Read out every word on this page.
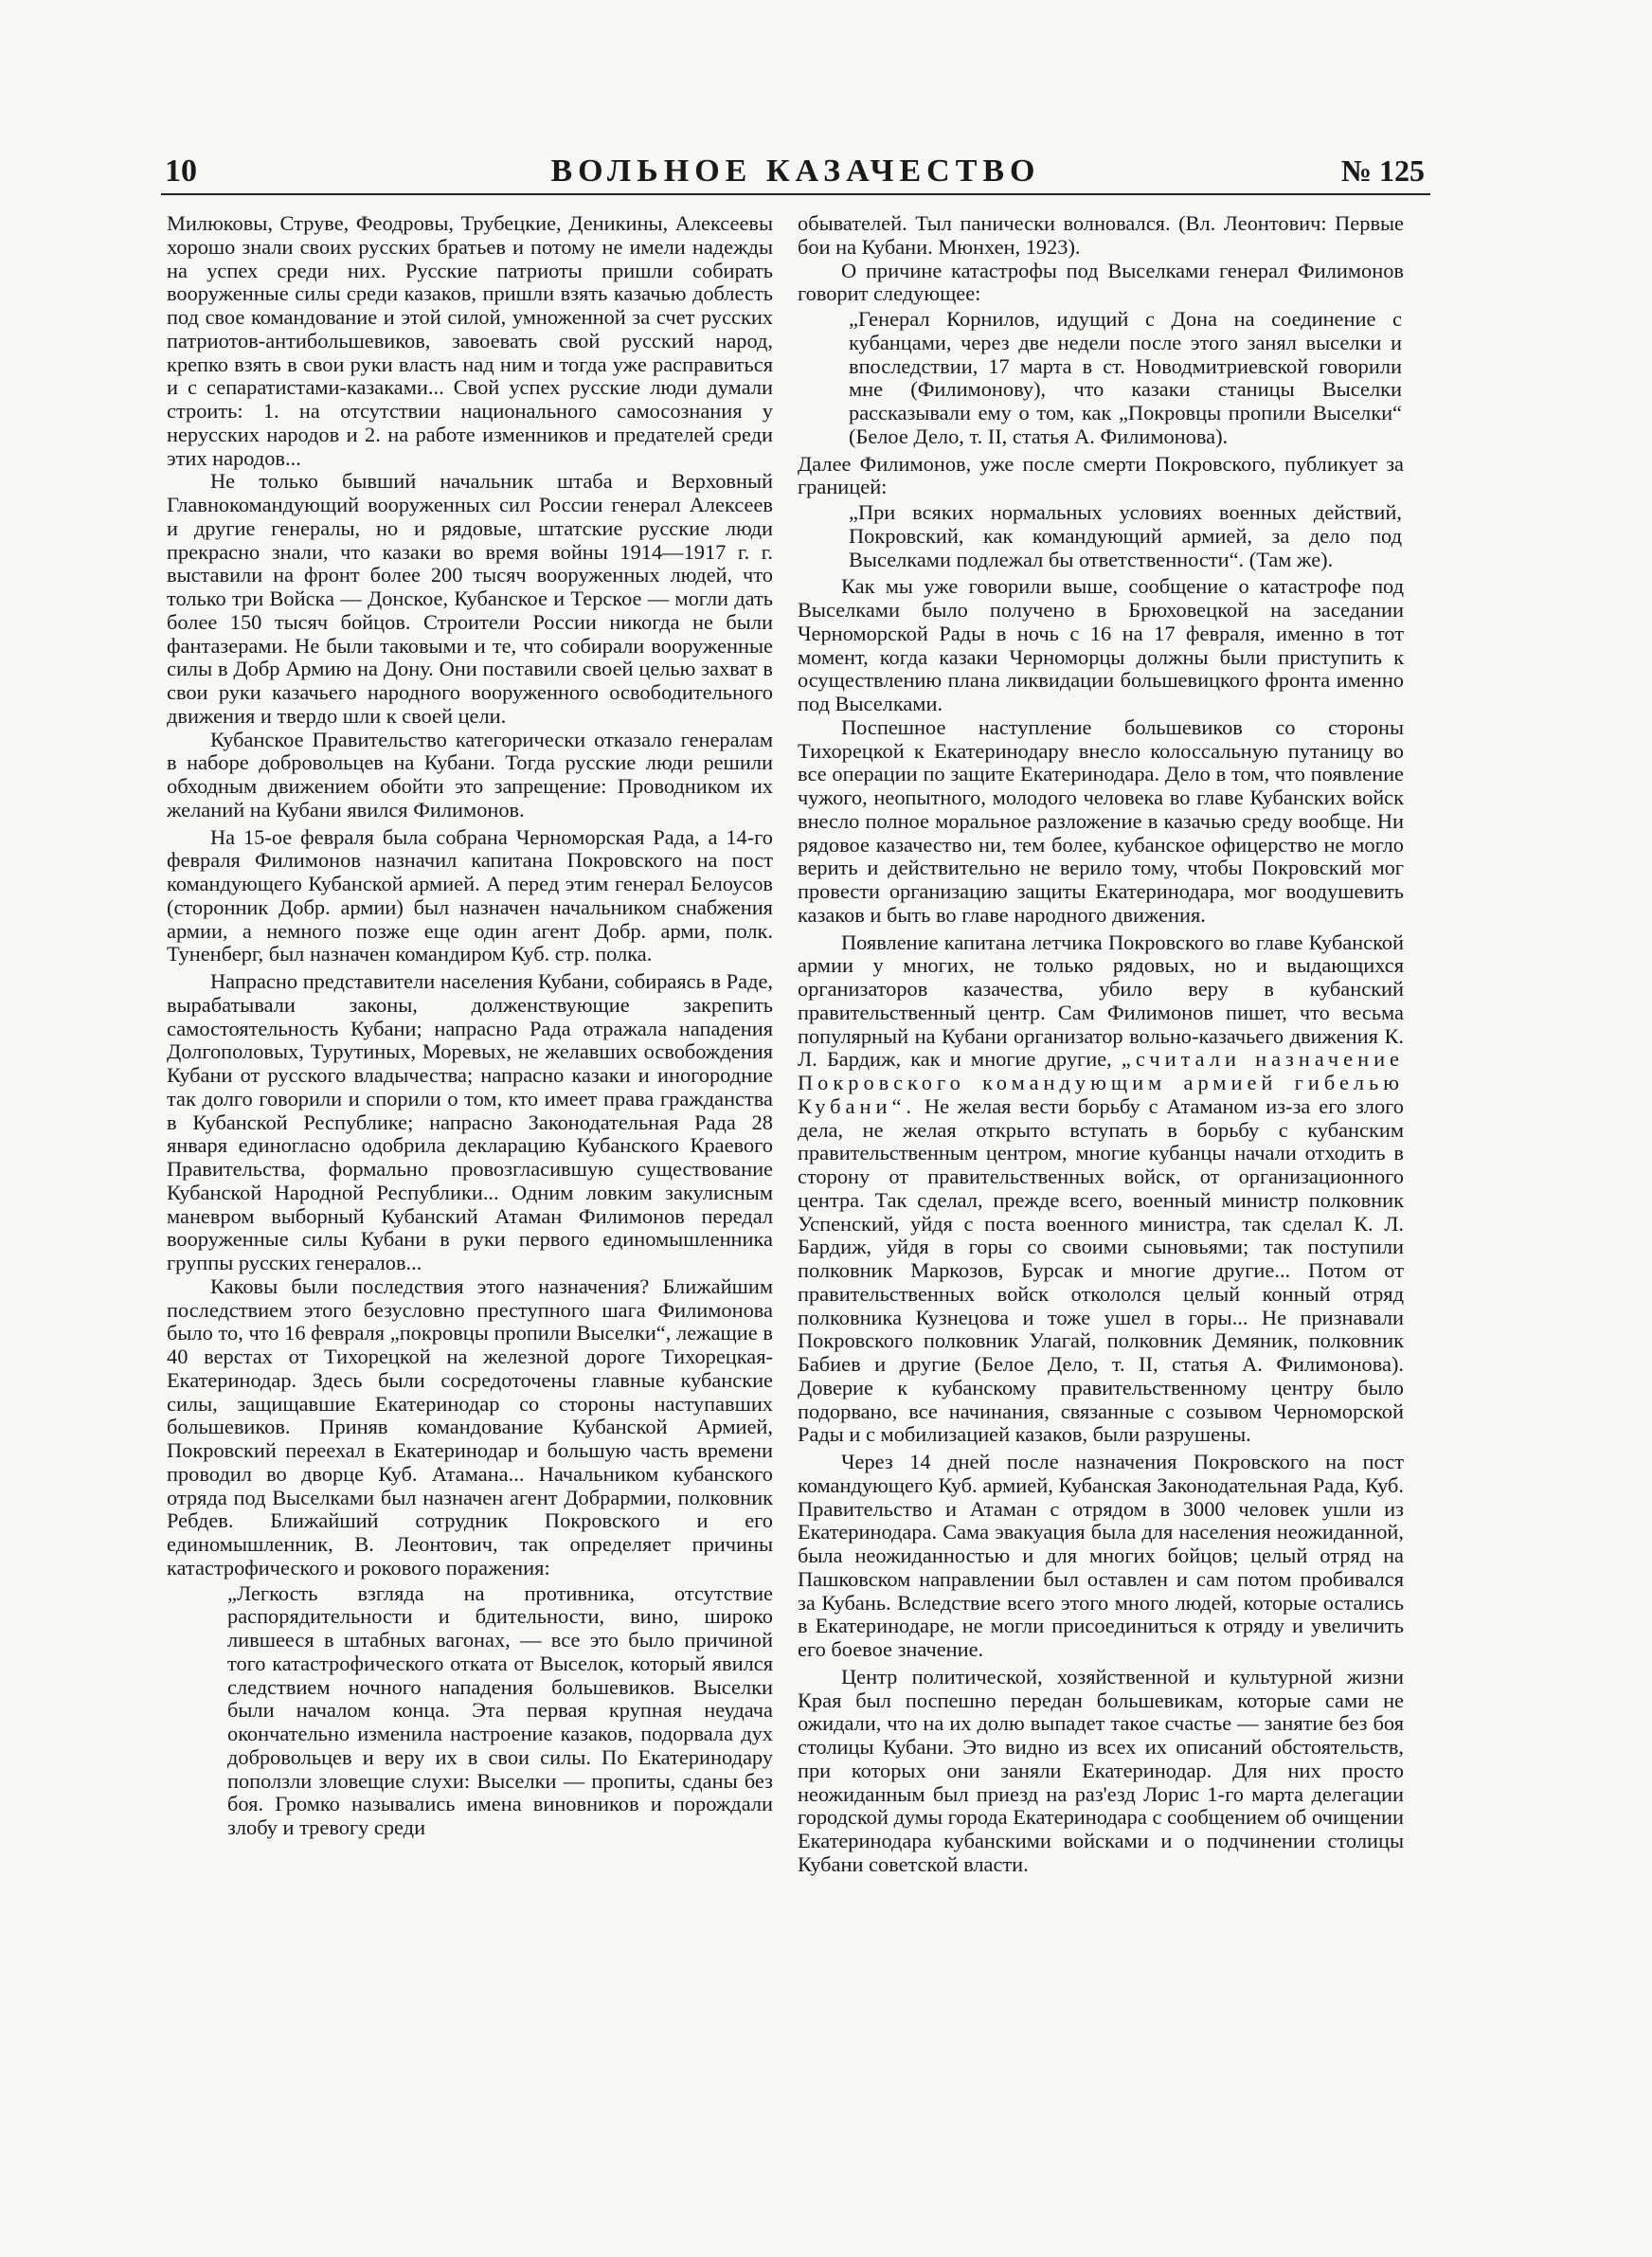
10	ВОЛЬНОЕ КАЗАЧЕСТВО	№ 125

Милюковы, Струве, Феодровы, Трубецкие, Деникины, Алексеевы хорошо знали своих русских братьев и потому не имели надежды на успех среди них. Русские патриоты пришли собирать вооруженные силы среди казаков, пришли взять казачью доблесть под свое командование и этой силой, умноженной за счет русских патриотов-антибольшевиков, завоевать свой русский народ, крепко взять в свои руки власть над ним и тогда уже расправиться и с сепаратистами-казаками... Свой успех русские люди думали строить: 1. на отсутствии национального самосознания у нерусских народов и 2. на работе изменников и предателей среди этих народов...

Не только бывший начальник штаба и Верховный Главнокомандующий вооруженных сил России генерал Алексеев и другие генералы, но и рядовые, штатские русские люди прекрасно знали, что казаки во время войны 1914—1917 г. г. выставили на фронт более 200 тысяч вооруженных людей, что только три Войска — Донское, Кубанское и Терское — могли дать более 150 тысяч бойцов. Строители России никогда не были фантазерами. Не были таковыми и те, что собирали вооруженные силы в Добр Армию на Дону. Они поставили своей целью захват в свои руки казачьего народного вооруженного освободительного движения и твердо шли к своей цели.

Кубанское Правительство категорически отказало генералам в наборе добровольцев на Кубани. Тогда русские люди решили обходным движением обойти это запрещение: Проводником их желаний на Кубани явился Филимонов.

На 15-ое февраля была собрана Черноморская Рада, а 14-го февраля Филимонов назначил капитана Покровского на пост командующего Кубанской армией. А перед этим генерал Белоусов (сторонник Добр. армии) был назначен начальником снабжения армии, а немного позже еще один агент Добр. арми, полк. Туненберг, был назначен командиром Куб. стр. полка.

Напрасно представители населения Кубани, собираясь в Раде, вырабатывали законы, долженствующие закрепить самостоятельность Кубани; напрасно Рада отражала нападения Долгополовых, Турутиных, Моревых, не желавших освобождения Кубани от русского владычества; напрасно казаки и иногородние так долго говорили и спорили о том, кто имеет права гражданства в Кубанской Республике; напрасно Законодательная Рада 28 января единогласно одобрила декларацию Кубанского Краевого Правительства, формально провозгласившую существование Кубанской Народной Республики... Одним ловким закулисным маневром выборный Кубанский Атаман Филимонов передал вооруженные силы Кубани в руки первого единомышленника группы русских генералов...

Каковы были последствия этого назначения? Ближайшим последствием этого безусловно преступного шага Филимонова было то, что 16 февраля „покровцы пропили Выселки“, лежащие в 40 верстах от Тихорецкой на железной дороге Тихорецкая-Екатеринодар. Здесь были сосредоточены главные кубанские силы, защищавшие Екатеринодар со стороны наступавших большевиков. Приняв командование Кубанской Армией, Покровский переехал в Екатеринодар и большую часть времени проводил во дворце Куб. Атамана... Начальником кубанского отряда под Выселками был назначен агент Добрармии, полковник Ребдев. Ближайший сотрудник Покровского и его единомышленник, В. Леонтович, так определяет причины катастрофического и рокового поражения:

„Легкость взгляда на противника, отсутствие распорядительности и бдительности, вино, широко лившееся в штабных вагонах, — все это было причиной того катастрофического отката от Выселок, который явился следствием ночного нападения большевиков. Выселки были началом конца. Эта первая крупная неудача окончательно изменила настроение казаков, подорвала дух добровольцев и веру их в свои силы. По Екатеринодару поползли зловещие слухи: Выселки — пропиты, сданы без боя. Громко назывались имена виновников и порождали злобу и тревогу среди

обывателей. Тыл панически волновался. (Вл. Леонтович: Первые бои на Кубани. Мюнхен, 1923).

О причине катастрофы под Выселками генерал Филимонов говорит следующее:

„Генерал Корнилов, идущий с Дона на соединение с кубанцами, через две недели после этого занял выселки и впоследствии, 17 марта в ст. Новодмитриевской говорили мне (Филимонову), что казаки станицы Выселки рассказывали ему о том, как „Покровцы пропили Выселки“ (Белое Дело, т. II, статья А. Филимонова).

Далее Филимонов, уже после смерти Покровского, публикует за границей:

„При всяких нормальных условиях военных действий, Покровский, как командующий армией, за дело под Выселками подлежал бы ответственности“. (Там же).

Как мы уже говорили выше, сообщение о катастрофе под Выселками было получено в Брюховецкой на заседании Черноморской Рады в ночь с 16 на 17 февраля, именно в тот момент, когда казаки Черноморцы должны были приступить к осуществлению плана ликвидации большевицкого фронта именно под Выселками.

Поспешное наступление большевиков со стороны Тихорецкой к Екатеринодару внесло колоссальную путаницу во все операции по защите Екатеринодара. Дело в том, что появление чужого, неопытного, молодого человека во главе Кубанских войск внесло полное моральное разложение в казачью среду вообще. Ни рядовое казачество ни, тем более, кубанское офицерство не могло верить и действительно не верило тому, чтобы Покровский мог провести организацию защиты Екатеринодара, мог воодушевить казаков и быть во главе народного движения.

Появление капитана летчика Покровского во главе Кубанской армии у многих, не только рядовых, но и выдающихся организаторов казачества, убило веру в кубанский правительственный центр. Сам Филимонов пишет, что весьма популярный на Кубани организатор вольно-казачьего движения К. Л. Бардиж, как и многие другие, „считали назначение Покровского командующим армией гибелью Кубани“. Не желая вести борьбу с Атаманом из-за его злого дела, не желая открыто вступать в борьбу с кубанским правительственным центром, многие кубанцы начали отходить в сторону от правительственных войск, от организационного центра. Так сделал, прежде всего, военный министр полковник Успенский, уйдя с поста военного министра, так сделал К. Л. Бардиж, уйдя в горы со своими сыновьями; так поступили полковник Маркозов, Бурсак и многие другие... Потом от правительственных войск откололся целый конный отряд полковника Кузнецова и тоже ушел в горы... Не признавали Покровского полковник Улагай, полковник Демяник, полковник Бабиев и другие (Белое Дело, т. II, статья А. Филимонова). Доверие к кубанскому правительственному центру было подорвано, все начинания, связанные с созывом Черноморской Рады и с мобилизацией казаков, были разрушены.

Через 14 дней после назначения Покровского на пост командующего Куб. армией, Кубанская Законодательная Рада, Куб. Правительство и Атаман с отрядом в 3000 человек ушли из Екатеринодара. Сама эвакуация была для населения неожиданной, была неожиданностью и для многих бойцов; целый отряд на Пашковском направлении был оставлен и сам потом пробивался за Кубань. Вследствие всего этого много людей, которые остались в Екатеринодаре, не могли присоединиться к отряду и увеличить его боевое значение.

Центр политической, хозяйственной и культурной жизни Края был поспешно передан большевикам, которые сами не ожидали, что на их долю выпадет такое счастье — занятие без боя столицы Кубани. Это видно из всех их описаний обстоятельств, при которых они заняли Екатеринодар. Для них просто неожиданным был приезд на раз'езд Лорис 1-го марта делегации городской думы города Екатеринодара с сообщением об очищении Екатеринодара кубанскими войсками и о подчинении столицы Кубани советской власти.
